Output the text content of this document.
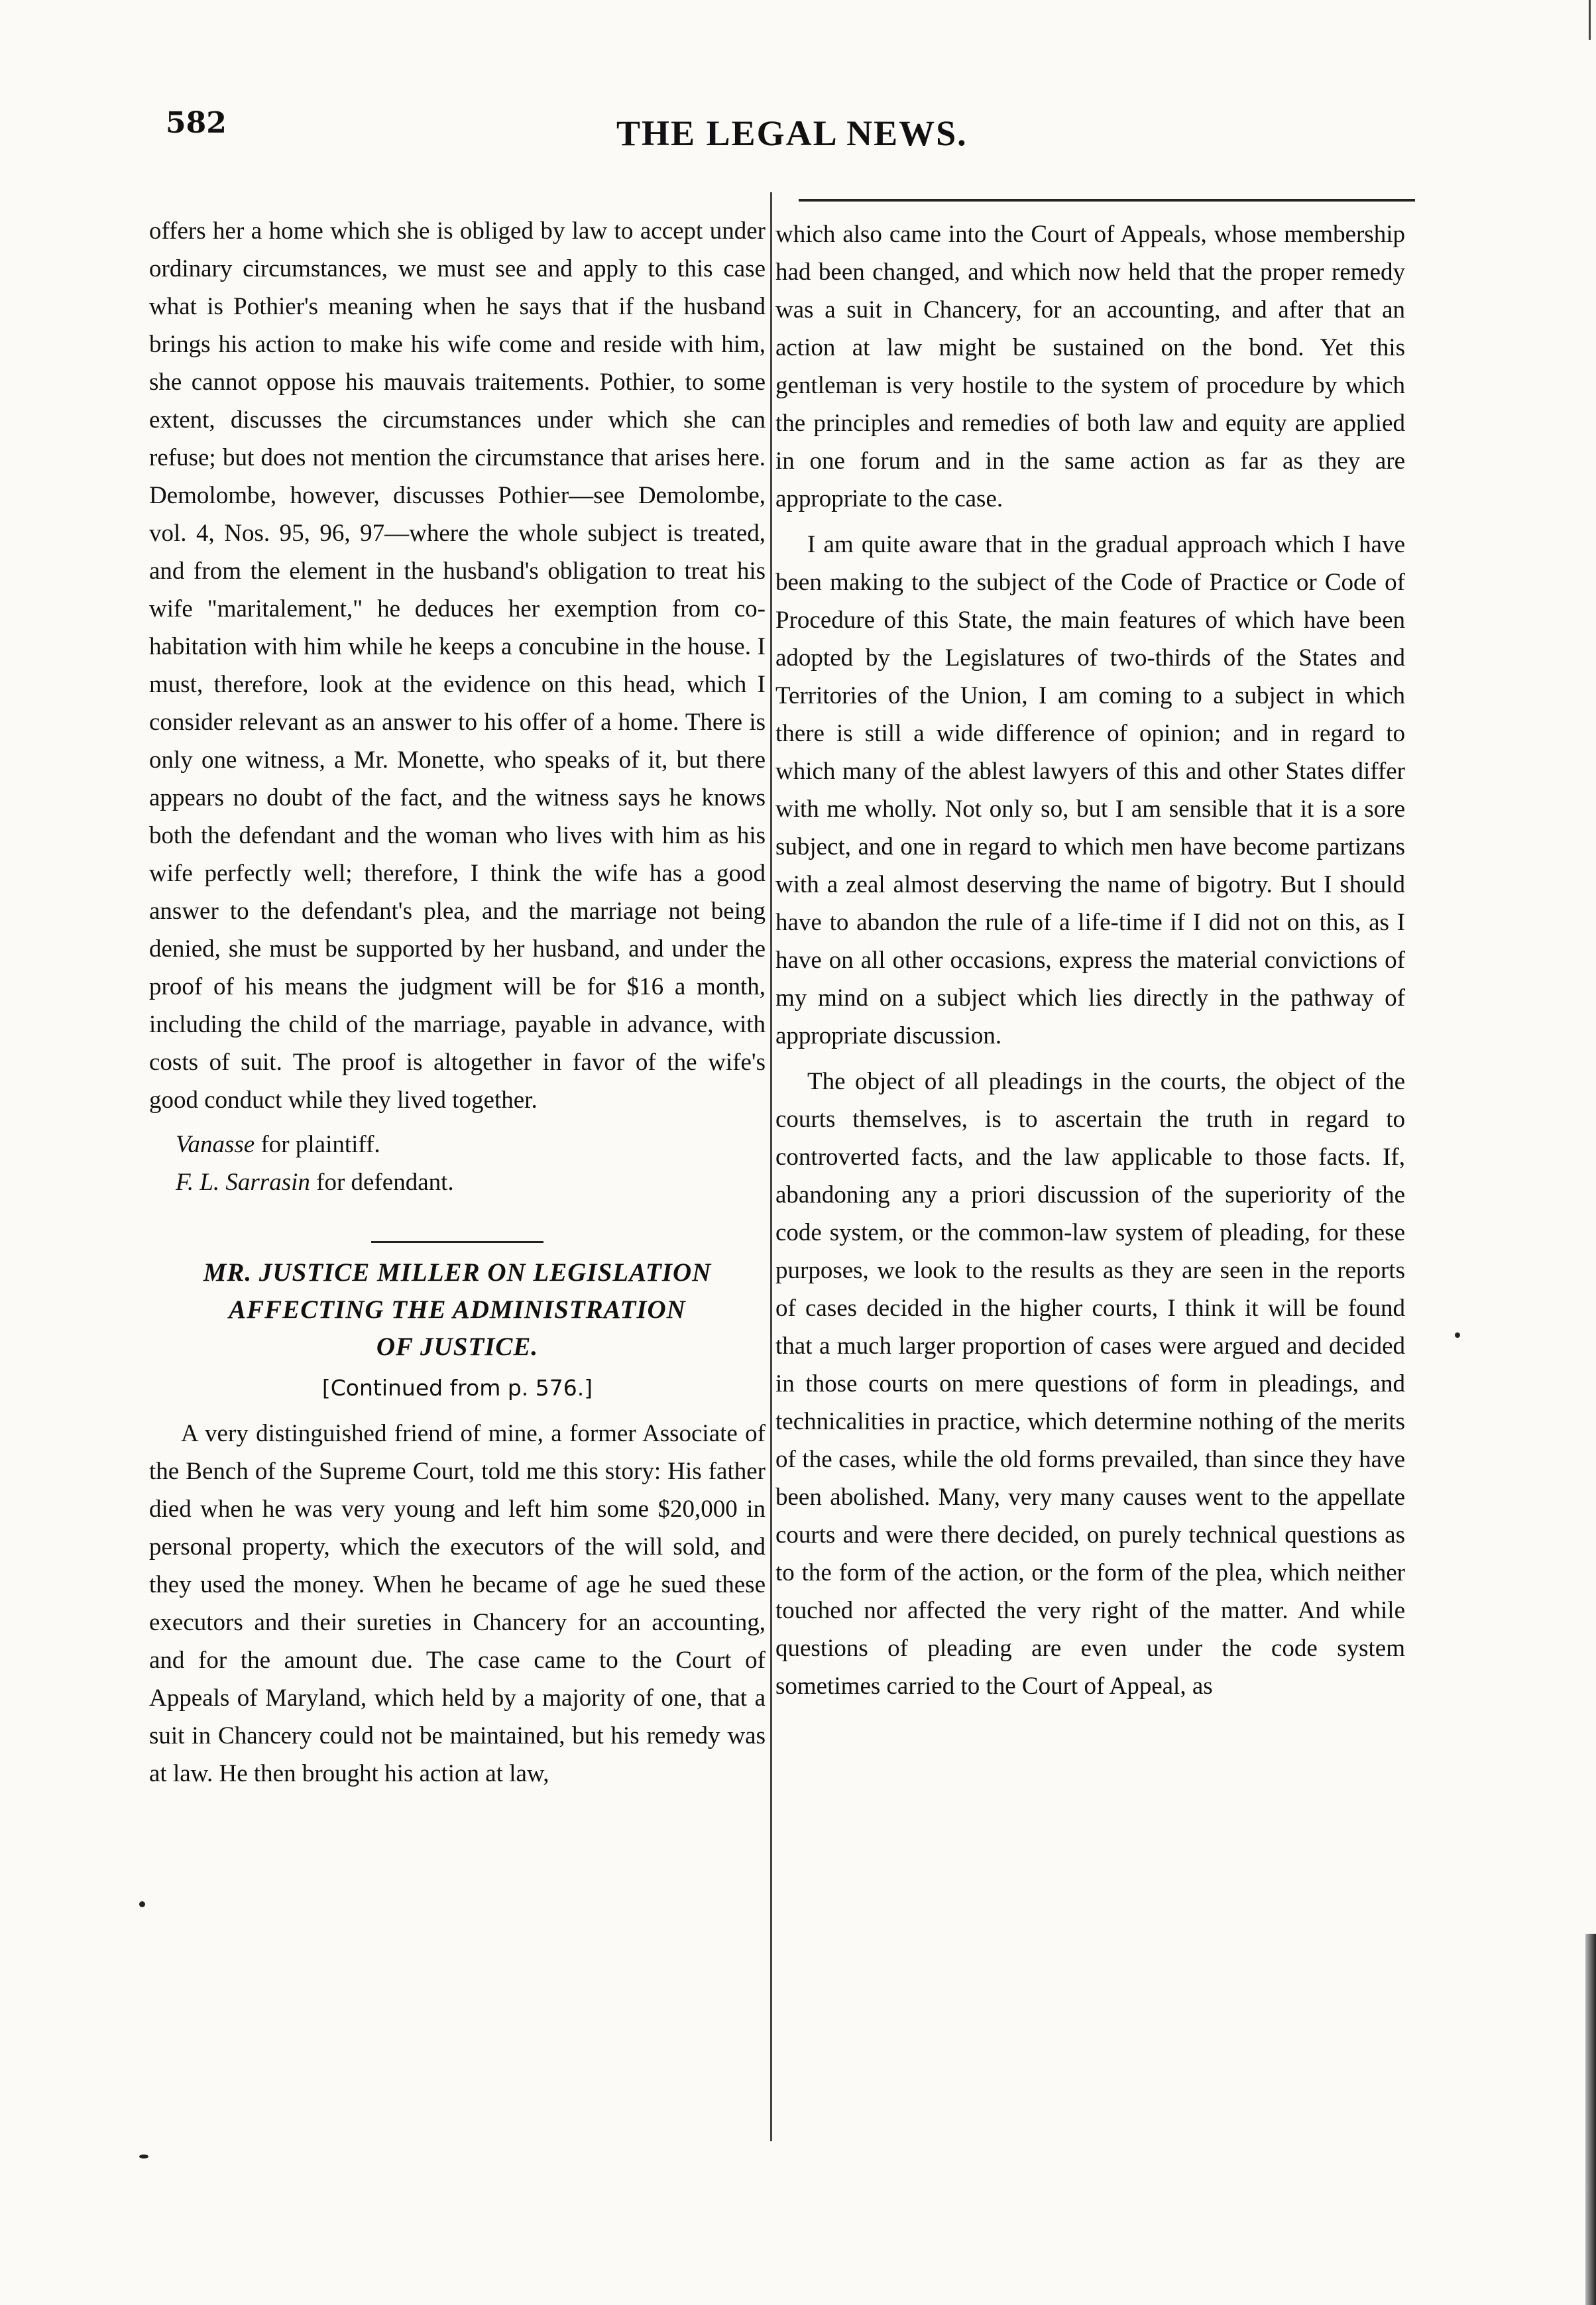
582	THE LEGAL NEWS.

offers her a home which she is obliged by law to accept under ordinary circumstances, we must see and apply to this case what is Pothier's meaning when he says that if the husband brings his action to make his wife come and reside with him, she cannot oppose his mauvais traitements. Pothier, to some extent, discusses the circumstances under which she can refuse; but does not mention the circumstance that arises here. Demolombe, however, discusses Pothier—see Demolombe, vol. 4, Nos. 95, 96, 97—where the whole subject is treated, and from the element in the husband's obligation to treat his wife "maritalement," he deduces her exemption from co-habitation with him while he keeps a concubine in the house. I must, therefore, look at the evidence on this head, which I consider relevant as an answer to his offer of a home. There is only one witness, a Mr. Monette, who speaks of it, but there appears no doubt of the fact, and the witness says he knows both the defendant and the woman who lives with him as his wife perfectly well; therefore, I think the wife has a good answer to the defendant's plea, and the marriage not being denied, she must be supported by her husband, and under the proof of his means the judgment will be for $16 a month, including the child of the marriage, payable in advance, with costs of suit. The proof is altogether in favor of the wife's good conduct while they lived together.

Vanasse for plaintiff.

F. L. Sarrasin for defendant.

MR. JUSTICE MILLER ON LEGISLATION
AFFECTING THE ADMINISTRATION
OF JUSTICE.
[Continued from p. 576.]

A very distinguished friend of mine, a former Associate of the Bench of the Supreme Court, told me this story: His father died when he was very young and left him some $20,000 in personal property, which the executors of the will sold, and they used the money. When he became of age he sued these executors and their sureties in Chancery for an accounting, and for the amount due. The case came to the Court of Appeals of Maryland, which held by a majority of one, that a suit in Chancery could not be maintained, but his remedy was at law. He then brought his action at law,

which also came into the Court of Appeals, whose membership had been changed, and which now held that the proper remedy was a suit in Chancery, for an accounting, and after that an action at law might be sustained on the bond. Yet this gentleman is very hostile to the system of procedure by which the principles and remedies of both law and equity are applied in one forum and in the same action as far as they are appropriate to the case.

I am quite aware that in the gradual approach which I have been making to the subject of the Code of Practice or Code of Procedure of this State, the main features of which have been adopted by the Legislatures of two-thirds of the States and Territories of the Union, I am coming to a subject in which there is still a wide difference of opinion; and in regard to which many of the ablest lawyers of this and other States differ with me wholly. Not only so, but I am sensible that it is a sore subject, and one in regard to which men have become partizans with a zeal almost deserving the name of bigotry. But I should have to abandon the rule of a life-time if I did not on this, as I have on all other occasions, express the material convictions of my mind on a subject which lies directly in the pathway of appropriate discussion.

The object of all pleadings in the courts, the object of the courts themselves, is to ascertain the truth in regard to controverted facts, and the law applicable to those facts. If, abandoning any a priori discussion of the superiority of the code system, or the common-law system of pleading, for these purposes, we look to the results as they are seen in the reports of cases decided in the higher courts, I think it will be found that a much larger proportion of cases were argued and decided in those courts on mere questions of form in pleadings, and technicalities in practice, which determine nothing of the merits of the cases, while the old forms prevailed, than since they have been abolished. Many, very many causes went to the appellate courts and were there decided, on purely technical questions as to the form of the action, or the form of the plea, which neither touched nor affected the very right of the matter. And while questions of pleading are even under the code system sometimes carried to the Court of Appeal, as
